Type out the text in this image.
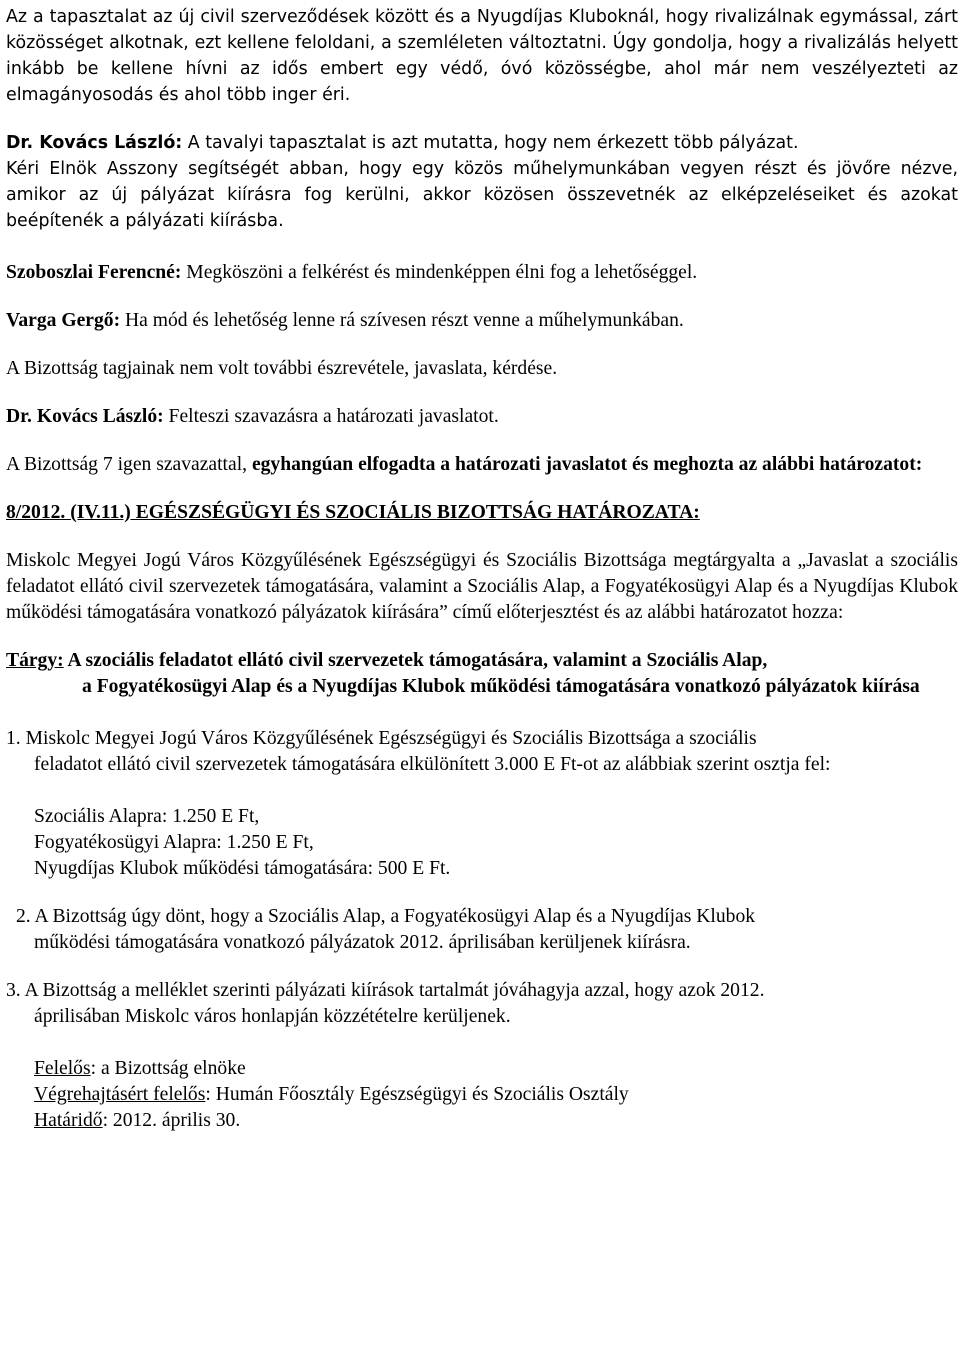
Az a tapasztalat az új civil szerveződések között és a Nyugdíjas Kluboknál, hogy rivalizálnak egymással, zárt közösséget alkotnak, ezt kellene feloldani, a szemléleten változtatni. Úgy gondolja, hogy a rivalizálás helyett inkább be kellene hívni az idős embert egy védő, óvó közösségbe, ahol már nem veszélyezteti az elmagányosodás és ahol több inger éri.

Dr. Kovács László: A tavalyi tapasztalat is azt mutatta, hogy nem érkezett több pályázat.

Kéri Elnök Asszony segítségét abban, hogy egy közös műhelymunkában vegyen részt és jövőre nézve, amikor az új pályázat kiírásra fog kerülni, akkor közösen összevetnék az elképzeléseiket és azokat beépítenék a pályázati kiírásba.

Szoboszlai Ferencné: Megköszöni a felkérést és mindenképpen élni fog a lehetőséggel.

Varga Gergő: Ha mód és lehetőség lenne rá szívesen részt venne a műhelymunkában.

A Bizottság tagjainak nem volt további észrevétele, javaslata, kérdése.

Dr. Kovács László: Felteszi szavazásra a határozati javaslatot.

A Bizottság 7 igen szavazattal, egyhangúan elfogadta a határozati javaslatot és meghozta az alábbi határozatot:

8/2012. (IV.11.) EGÉSZSÉGÜGYI ÉS SZOCIÁLIS BIZOTTSÁG HATÁROZATA:

Miskolc Megyei Jogú Város Közgyűlésének Egészségügyi és Szociális Bizottsága megtárgyalta a „Javaslat a szociális feladatot ellátó civil szervezetek támogatására, valamint a Szociális Alap, a Fogyatékosügyi Alap és a Nyugdíjas Klubok működési támogatására vonatkozó pályázatok kiírására” című előterjesztést és az alábbi határozatot hozza:

Tárgy: A szociális feladatot ellátó civil szervezetek támogatására, valamint a Szociális Alap,
a Fogyatékosügyi Alap és a Nyugdíjas Klubok működési támogatására vonatkozó pályázatok kiírása
1. Miskolc Megyei Jogú Város Közgyűlésének Egészségügyi és Szociális Bizottsága a szociális
feladatot ellátó civil szervezetek támogatására elkülönített 3.000 E Ft-ot az alábbiak szerint osztja fel:
Szociális Alapra: 1.250 E Ft,
Fogyatékosügyi Alapra: 1.250 E Ft,
Nyugdíjas Klubok működési támogatására: 500 E Ft.
2. A Bizottság úgy dönt, hogy a Szociális Alap, a Fogyatékosügyi Alap és a Nyugdíjas Klubok
működési támogatására vonatkozó pályázatok 2012. áprilisában kerüljenek kiírásra.
3. A Bizottság a melléklet szerinti pályázati kiírások tartalmát jóváhagyja azzal, hogy azok 2012.
áprilisában Miskolc város honlapján közzétételre kerüljenek.
Felelős: a Bizottság elnöke
Végrehajtásért felelős: Humán Főosztály Egészségügyi és Szociális Osztály
Határidő: 2012. április 30.
